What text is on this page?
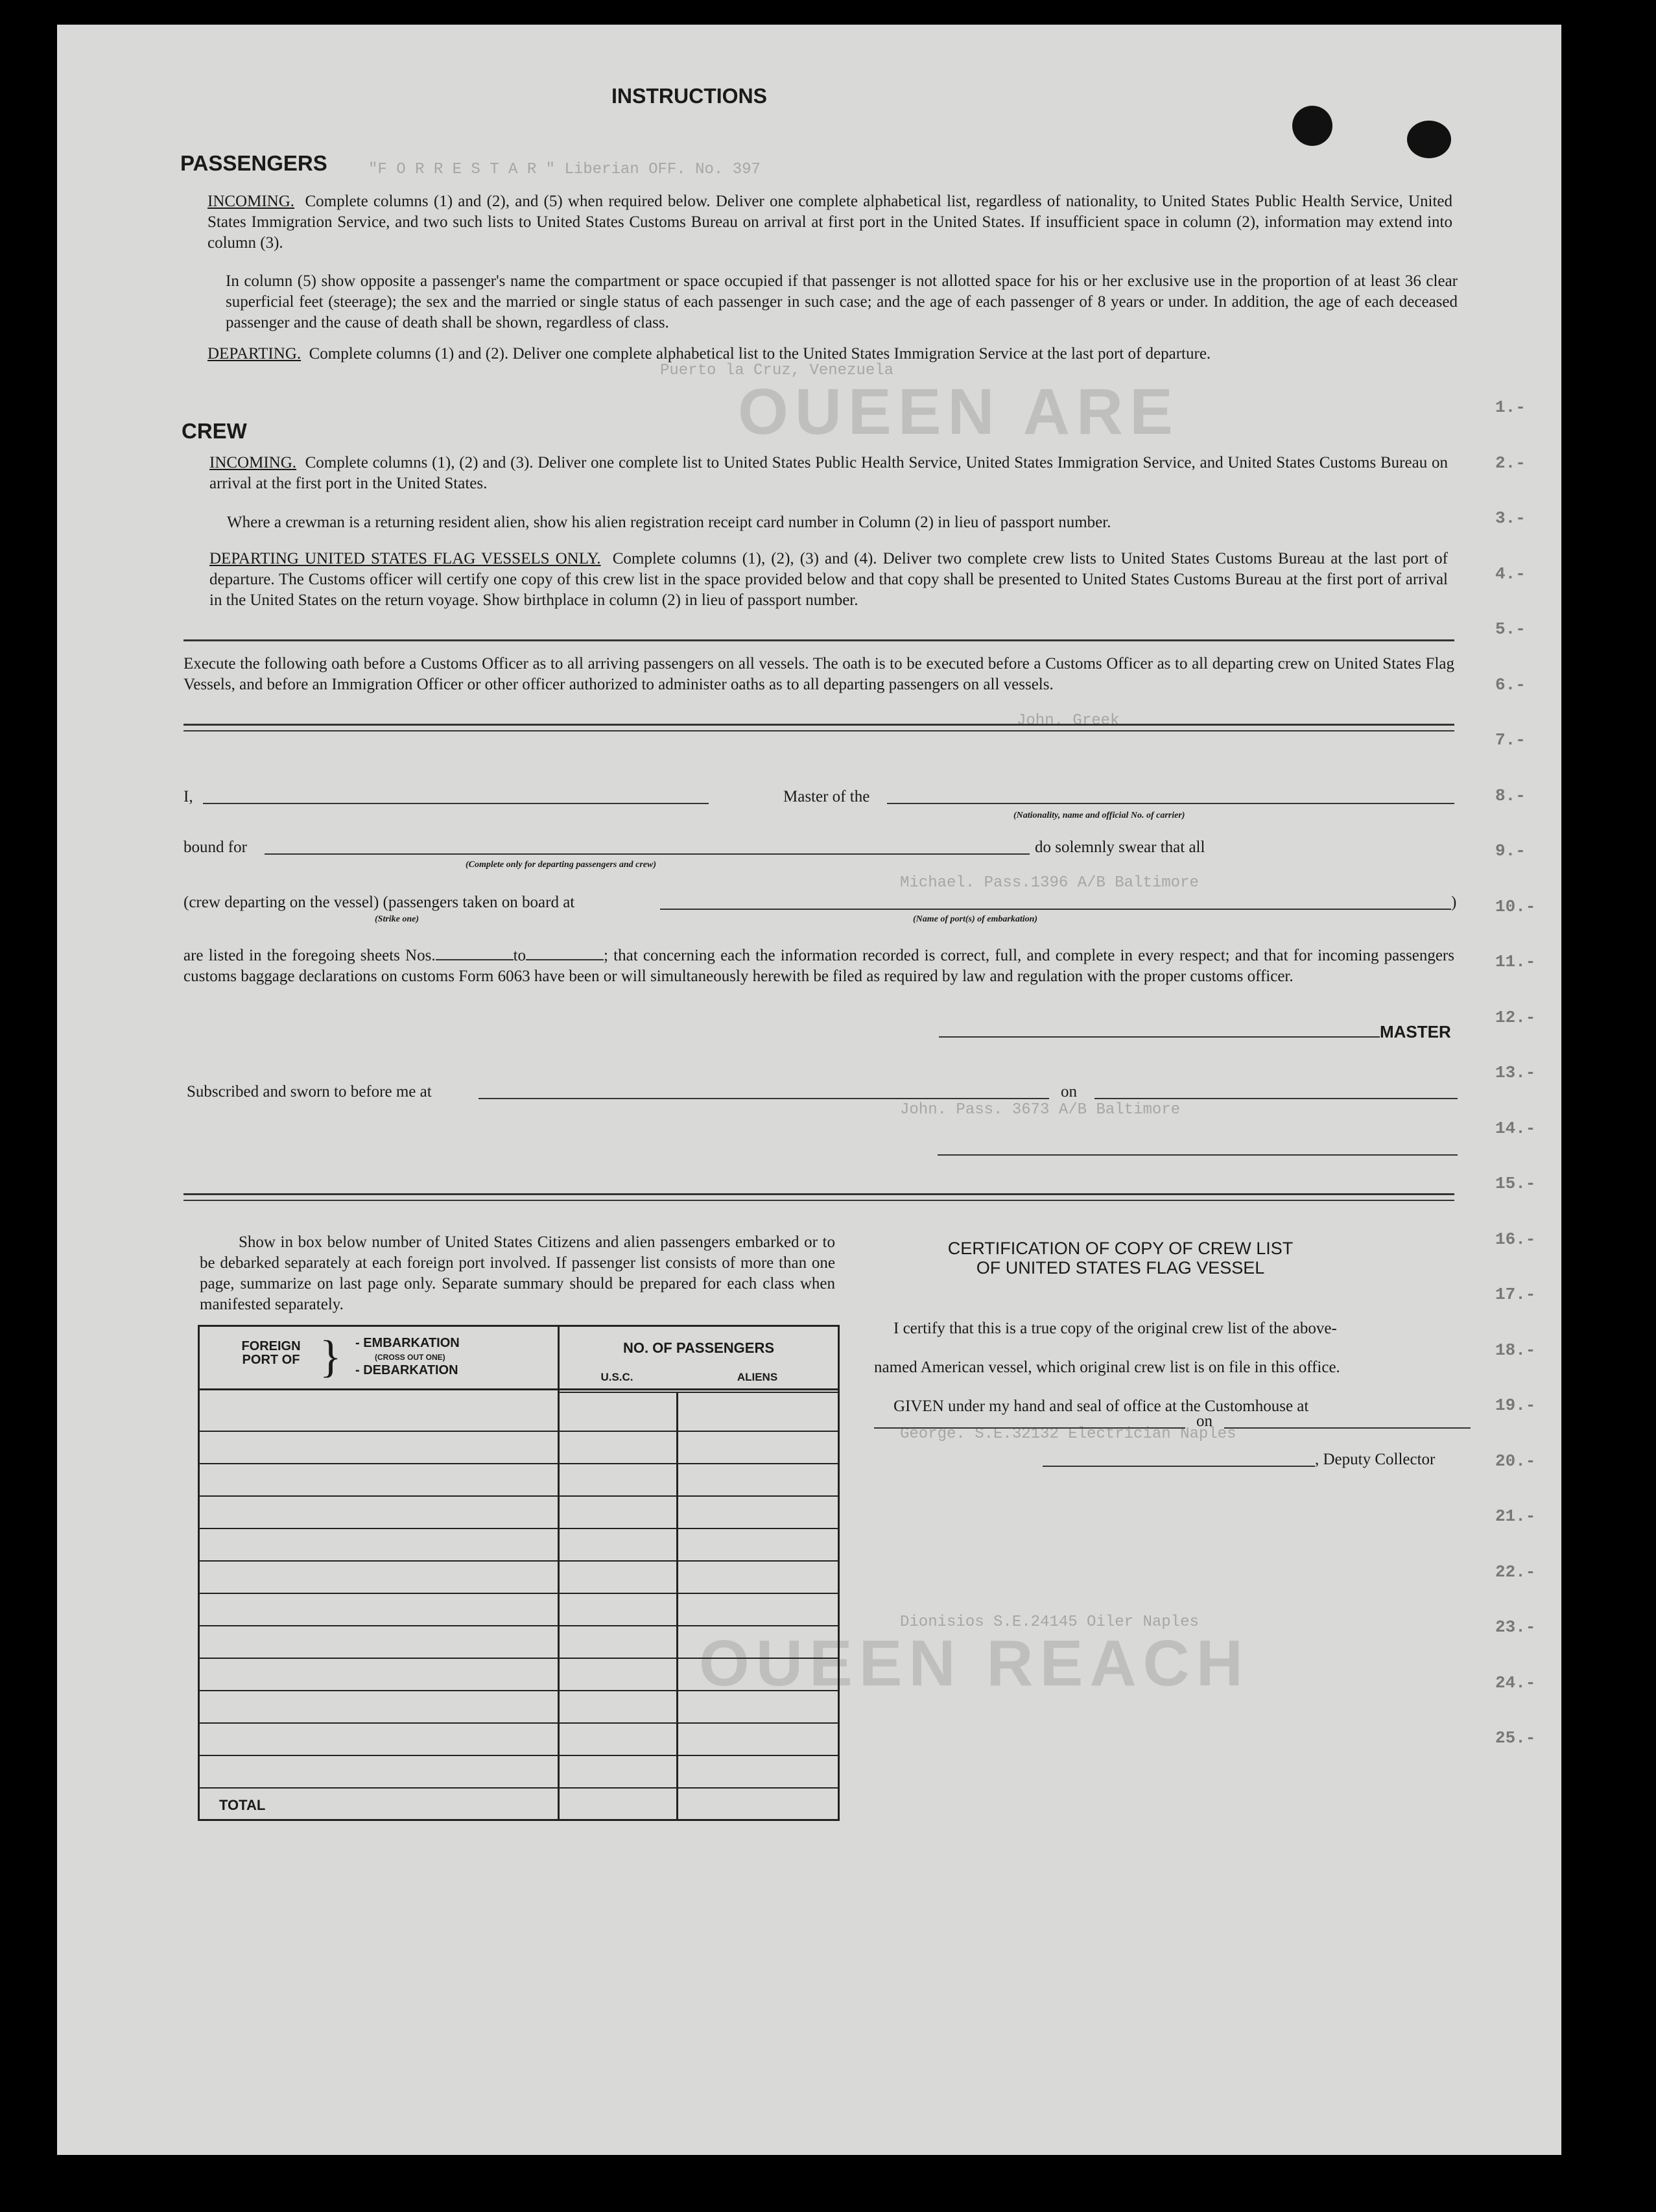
"F O R R E S T A R " Liberian OFF. No. 397
Puerto la Cruz, Venezuela
OUEEN ARE
OUEEN REACH
John. Greek
Michael. Pass.1396 A/B Baltimore
John. Pass. 3673 A/B Baltimore
George. S.E.32132 Electrician Naples
Dionisios S.E.24145 Oiler Naples
1.-
2.-
3.-
4.-
5.-
6.-
7.-
8.-
9.-
10.-
11.-
12.-
13.-
14.-
15.-
16.-
17.-
18.-
19.-
20.-
21.-
22.-
23.-
24.-
25.-
INSTRUCTIONS
PASSENGERS
INCOMING. Complete columns (1) and (2), and (5) when required below. Deliver one complete alphabetical list, regardless of nationality, to United States Public Health Service, United States Immigration Service, and two such lists to United States Customs Bureau on arrival at first port in the United States. If insufficient space in column (2), information may extend into column (3).
In column (5) show opposite a passenger's name the compartment or space occupied if that passenger is not allotted space for his or her exclusive use in the proportion of at least 36 clear superficial feet (steerage); the sex and the married or single status of each passenger in such case; and the age of each passenger of 8 years or under. In addition, the age of each deceased passenger and the cause of death shall be shown, regardless of class.
DEPARTING. Complete columns (1) and (2). Deliver one complete alphabetical list to the United States Immigration Service at the last port of departure.
CREW
INCOMING. Complete columns (1), (2) and (3). Deliver one complete list to United States Public Health Service, United States Immigration Service, and United States Customs Bureau on arrival at the first port in the United States.
Where a crewman is a returning resident alien, show his alien registration receipt card number in Column (2) in lieu of passport number.
DEPARTING UNITED STATES FLAG VESSELS ONLY. Complete columns (1), (2), (3) and (4). Deliver two complete crew lists to United States Customs Bureau at the last port of departure. The Customs officer will certify one copy of this crew list in the space provided below and that copy shall be presented to United States Customs Bureau at the first port of arrival in the United States on the return voyage. Show birthplace in column (2) in lieu of passport number.
Execute the following oath before a Customs Officer as to all arriving passengers on all vessels. The oath is to be executed before a Customs Officer as to all departing crew on United States Flag Vessels, and before an Immigration Officer or other officer authorized to administer oaths as to all departing passengers on all vessels.
I,	Master of the
(Nationality, name and official No. of carrier)
bound for	do solemnly swear that all
(Complete only for departing passengers and crew)
(crew departing on the vessel) (passengers taken on board at	)
(Strike one)	(Name of port(s) of embarkation)
are listed in the foregoing sheets Nos.	to	; that concerning each the information recorded is correct, full, and complete in every respect; and that for incoming passengers customs baggage declarations on customs Form 6063 have been or will simultaneously herewith be filed as required by law and regulation with the proper customs officer.
MASTER
Subscribed and sworn to before me at	on
Show in box below number of United States Citizens and alien passengers embarked or to be debarked separately at each foreign port involved. If passenger list consists of more than one page, summarize on last page only. Separate summary should be prepared for each class when manifested separately.
FOREIGN PORT OF } - EMBARKATION
(CROSS OUT ONE)
- DEBARKATION
NO. OF PASSENGERS
U.S.C.	ALIENS
TOTAL
CERTIFICATION OF COPY OF CREW LIST
OF UNITED STATES FLAG VESSEL
I certify that this is a true copy of the original crew list of the above-
named American vessel, which original crew list is on file in this office.
GIVEN under my hand and seal of office at the Customhouse at
on
, Deputy Collector
